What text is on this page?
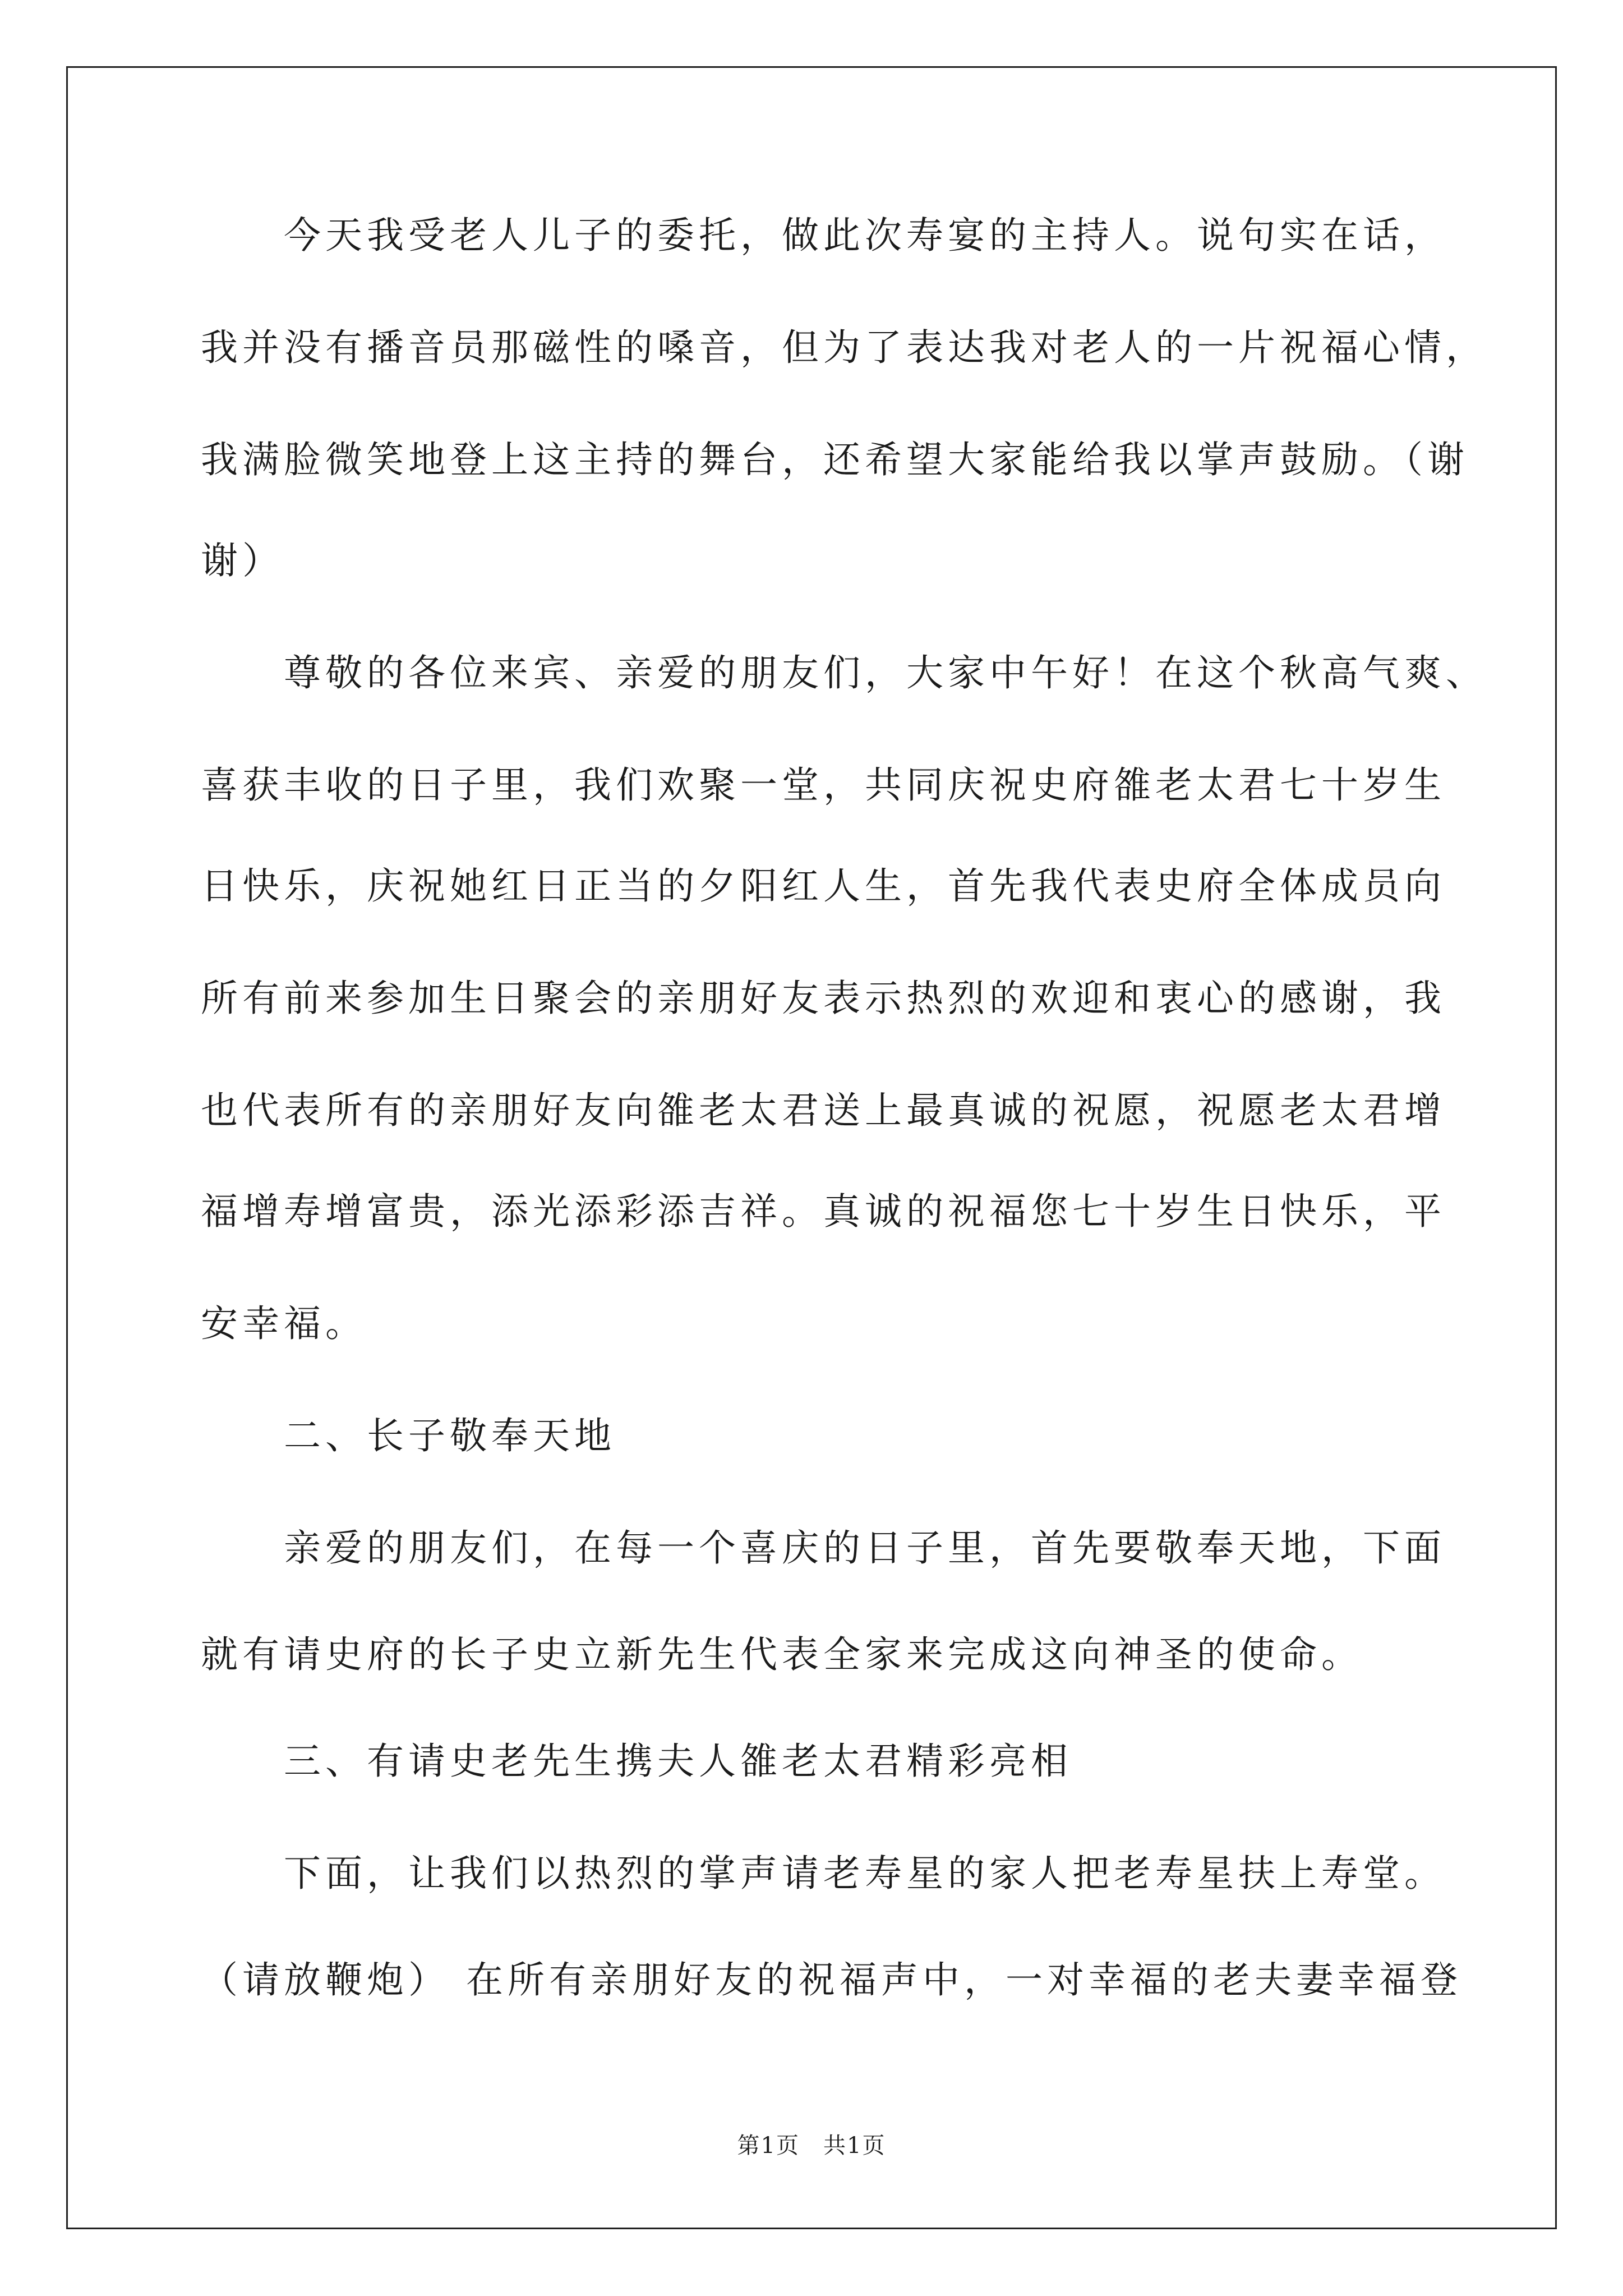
今天我受老人儿子的委托，做此次寿宴的主持人。说句实在话，
我并没有播音员那磁性的嗓音，但为了表达我对老人的一片祝福心情，
我满脸微笑地登上这主持的舞台，还希望大家能给我以掌声鼓励。（谢
谢）
尊敬的各位来宾、亲爱的朋友们，大家中午好！在这个秋高气爽、
喜获丰收的日子里，我们欢聚一堂，共同庆祝史府雒老太君七十岁生
日快乐，庆祝她红日正当的夕阳红人生，首先我代表史府全体成员向
所有前来参加生日聚会的亲朋好友表示热烈的欢迎和衷心的感谢，我
也代表所有的亲朋好友向雒老太君送上最真诚的祝愿，祝愿老太君增
福增寿增富贵，添光添彩添吉祥。真诚的祝福您七十岁生日快乐，平
安幸福。
二、长子敬奉天地
亲爱的朋友们，在每一个喜庆的日子里，首先要敬奉天地，下面
就有请史府的长子史立新先生代表全家来完成这向神圣的使命。
三、有请史老先生携夫人雒老太君精彩亮相
下面，让我们以热烈的掌声请老寿星的家人把老寿星扶上寿堂。
（请放鞭炮） 在所有亲朋好友的祝福声中，一对幸福的老夫妻幸福登
第1页　共1页
